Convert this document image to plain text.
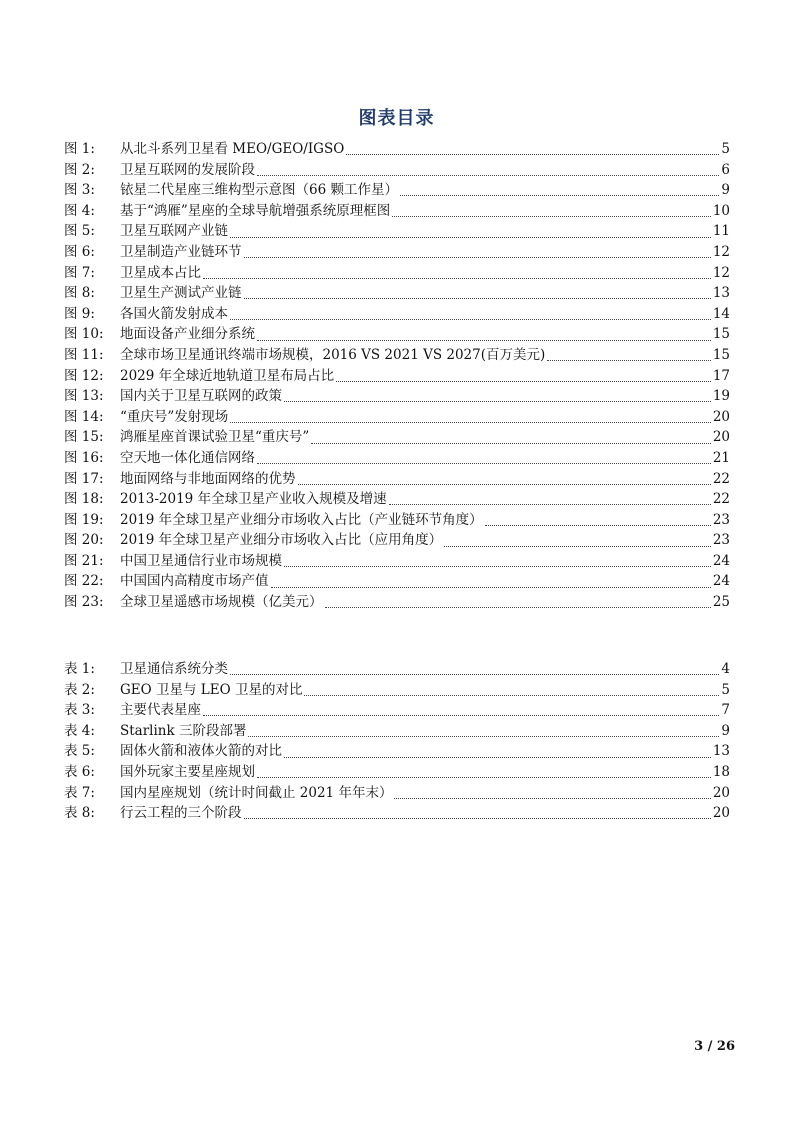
图表目录
图 1:	从北斗系列卫星看 MEO/GEO/IGSO	5
图 2:	卫星互联网的发展阶段	6
图 3:	铱星二代星座三维构型示意图（66 颗工作星）	9
图 4:	基于“鸿雁”星座的全球导航增强系统原理框图	10
图 5:	卫星互联网产业链	11
图 6:	卫星制造产业链环节	12
图 7:	卫星成本占比	12
图 8:	卫星生产测试产业链	13
图 9:	各国火箭发射成本	14
图 10:	地面设备产业细分系统	15
图 11:	全球市场卫星通讯终端市场规模，2016 VS 2021 VS 2027(百万美元)	15
图 12:	2029 年全球近地轨道卫星布局占比	17
图 13:	国内关于卫星互联网的政策	19
图 14:	“重庆号”发射现场	20
图 15:	鸿雁星座首课试验卫星“重庆号”	20
图 16:	空天地一体化通信网络	21
图 17:	地面网络与非地面网络的优势	22
图 18:	2013-2019 年全球卫星产业收入规模及增速	22
图 19:	2019 年全球卫星产业细分市场收入占比（产业链环节角度）	23
图 20:	2019 年全球卫星产业细分市场收入占比（应用角度）	23
图 21:	中国卫星通信行业市场规模	24
图 22:	中国国内高精度市场产值	24
图 23:	全球卫星遥感市场规模（亿美元）	25
表 1:	卫星通信系统分类	4
表 2:	GEO 卫星与 LEO 卫星的对比	5
表 3:	主要代表星座	7
表 4:	Starlink 三阶段部署	9
表 5:	固体火箭和液体火箭的对比	13
表 6:	国外玩家主要星座规划	18
表 7:	国内星座规划（统计时间截止 2021 年年末）	20
表 8:	行云工程的三个阶段	20
3 / 26
